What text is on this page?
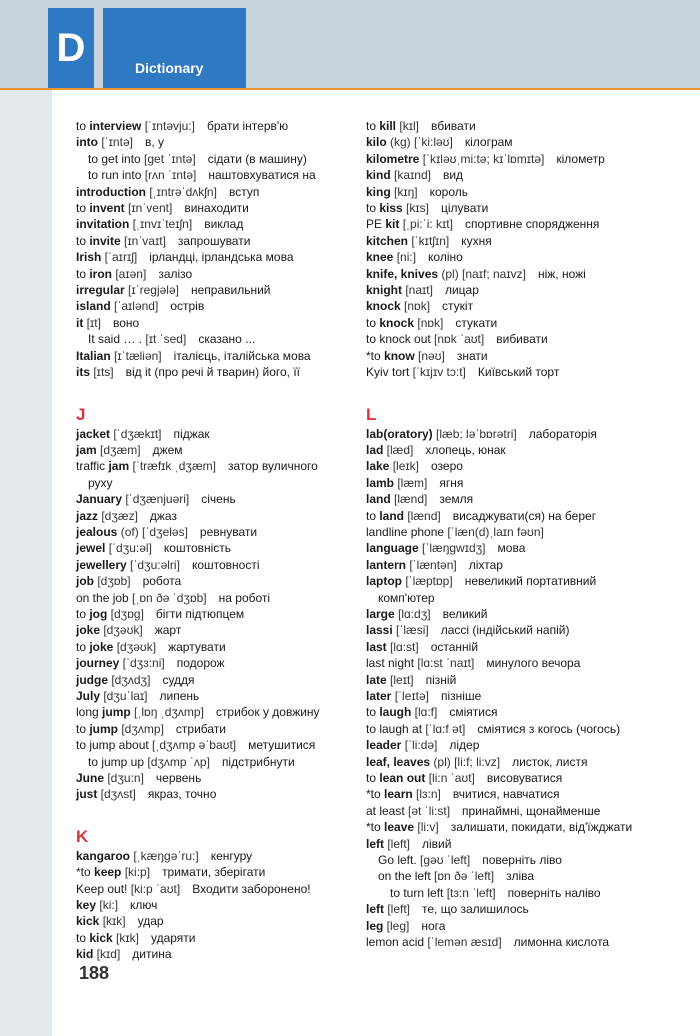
D	Dictionary
to interview [ˈɪntəvju:]  брати інтерв'ю
into [ˈɪntə]  в, у
to get into [get ˈɪntə]  сідати (в машину)
to run into [rʌn ˈɪntə]  наштовхуватися на
introduction [ˌɪntrəˈdʌkʃn]  вступ
to invent [ɪnˈvent]  винаходити
invitation [ˌɪnvɪˈteɪʃn]  виклад
to invite [ɪnˈvaɪt]  запрошувати
Irish [ˈaɪrɪʃ]  ірландці, ірландська мова
to iron [aɪən]  залізо
irregular [ɪˈregjələ]  неправильний
island [ˈaɪlənd]  острів
it [ɪt]  воно
It said … . [ɪt ˈsed]  сказано ...
Italian [ɪˈtæliən]  італієць, італійська мова
its [ɪts]  від it (про речі й тварин) його, її
J
jacket [ˈdʒækɪt]  піджак
jam [dʒæm]  джем
traffic jam [ˈtræfɪk ˌdʒæm]  затор вуличного
руху
January [ˈdʒænjuəri]  січень
jazz [dʒæz]  джаз
jealous (of) [ˈdʒeləs]  ревнувати
jewel [ˈdʒu:əl]  коштовність
jewellery [ˈdʒu:əlri]  коштовності
job [dʒɒb]  робота
on the job [ˌɒn ðə ˈdʒɒb]  на роботі
to jog [dʒɒg]  бігти підтюпцем
joke [dʒəʊk]  жарт
to joke [dʒəʊk]  жартувати
journey [ˈdʒɜ:ni]  подорож
judge [dʒʌdʒ]  суддя
July [dʒuˈlaɪ]  липень
long jump [ˌlɒŋ ˌdʒʌmp]  стрибок у довжину
to jump [dʒʌmp]  стрибати
to jump about [ˌdʒʌmp əˈbaʊt]  метушитися
to jump up [dʒʌmp ˈʌp]  підстрибнути
June [dʒu:n]  червень
just [dʒʌst]  якраз, точно
K
kangaroo [ˌkæŋgəˈru:]  кенгуру
*to keep [ki:p]  тримати, зберігати
Keep out! [ki:p ˈaʊt]  Входити заборонено!
key [ki:]  ключ
kick [kɪk]  удар
to kick [kɪk]  ударяти
kid [kɪd]  дитина
to kill [kɪl]  вбивати
kilo (kg) [ˈki:ləʊ]  кілограм
kilometre [ˈkɪləʊˌmi:tə; kɪˈlɒmɪtə]  кілометр
kind [kaɪnd]  вид
king [kɪŋ]  король
to kiss [kɪs]  цілувати
PE kit [ˌpi:ˈi: kɪt]  спортивне спорядження
kitchen [ˈkɪtʃɪn]  кухня
knee [ni:]  коліно
knife, knives (pl) [naɪf; naɪvz]  ніж, ножі
knight [naɪt]  лицар
knock [nɒk]  стукіт
to knock [nɒk]  стукати
to knock out [nɒk ˈaʊt]  вибивати
*to know [nəʊ]  знати
Kyiv tort [ˈkɪjɪv tɔ:t]  Київський торт
L
lab(oratory) [læb; ləˈbɒrətri]  лабораторія
lad [læd]  хлопець, юнак
lake [leɪk]  озеро
lamb [læm]  ягня
land [lænd]  земля
to land [lænd]  висаджувати(ся) на берег
landline phone [ˈlæn(d)ˌlaɪn fəʊn]
language [ˈlæŋgwɪdʒ]  мова
lantern [ˈlæntən]  ліхтар
laptop [ˈlæptɒp]  невеликий портативний
комп'ютер
large [lɑ:dʒ]  великий
lassi [ˈlæsi]  лассі (індійський напій)
last [lɑ:st]  останній
last night [lɑ:st ˈnaɪt]  минулого вечора
late [leɪt]  пізній
later [ˈleɪtə]  пізніше
to laugh [lɑ:f]  сміятися
to laugh at [ˈlɑ:f ət]  сміятися з когось (чогось)
leader [ˈli:də]  лідер
leaf, leaves (pl) [li:f; li:vz]  листок, листя
to lean out [li:n ˈaʊt]  висовуватися
*to learn [lɜ:n]  вчитися, навчатися
at least [ət ˈli:st]  принаймні, щонайменше
*to leave [li:v]  залишати, покидати, від'їжджати
left [left]  лівий
Go left. [gəʊ ˈleft]  поверніть ліво
on the left [ɒn ðə ˈleft]  зліва
to turn left [tɜ:n ˈleft]  поверніть наліво
left [left]  те, що залишилось
leg [leg]  нога
lemon acid [ˈlemən æsɪd]  лимонна кислота
188
